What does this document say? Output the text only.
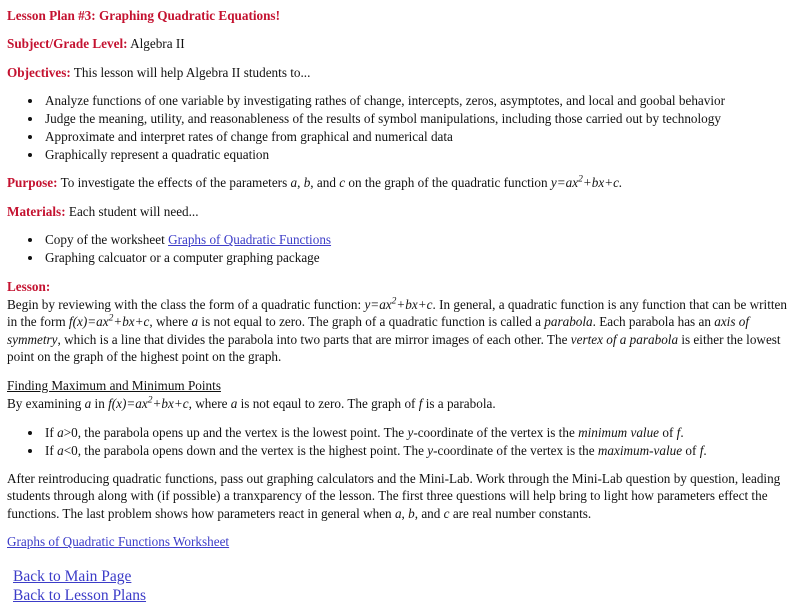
Lesson Plan #3: Graphing Quadratic Equations!
Subject/Grade Level: Algebra II
Objectives: This lesson will help Algebra II students to...
• Analyze functions of one variable by investigating rathes of change, intercepts, zeros, asymptotes, and local and goobal behavior
• Judge the meaning, utility, and reasonableness of the results of symbol manipulations, including those carried out by technology
• Approximate and interpret rates of change from graphical and numerical data
• Graphically represent a quadratic equation
Purpose: To investigate the effects of the parameters a, b, and c on the graph of the quadratic function $y=ax^2+bx+c$.
Materials: Each student will need...
• Copy of the worksheet Graphs of Quadratic Functions
• Graphing calcuator or a computer graphing package
Lesson:

Begin by reviewing with the class the form of a quadratic function: $y=ax^2+bx+c$. In general, a quadratic function is any function that can be written in the form $f(x)=ax^2+bx+c$, where a is not equal to zero. The graph of a quadratic function is called a parabola. Each parabola has an axis of symmetry, which is a line that divides the parabola into two parts that are mirror images of each other. The vertex of a parabola is either the lowest point on the graph of the highest point on the graph.

Finding Maximum and Minimum Points

By examining a in $f(x)=ax^2+bx+c$, where a is not eqaul to zero. The graph of f is a parabola.

• If a>0, the parabola opens up and the vertex is the lowest point. The y-coordinate of the vertex is the minimum value of f.
• If a<0, the parabola opens down and the vertex is the highest point. The y-coordinate of the vertex is the maximum-value of f.

After reintroducing quadratic functions, pass out graphing calculators and the Mini-Lab. Work through the Mini-Lab question by question, leading students through along with (if possible) a tranxparency of the lesson. The first three questions will help bring to light how parameters effect the functions. The last problem shows how parameters react in general when a, b, and c are real number constants.

Graphs of Quadratic Functions Worksheet
Back to Main Page
Back to Lesson Plans
